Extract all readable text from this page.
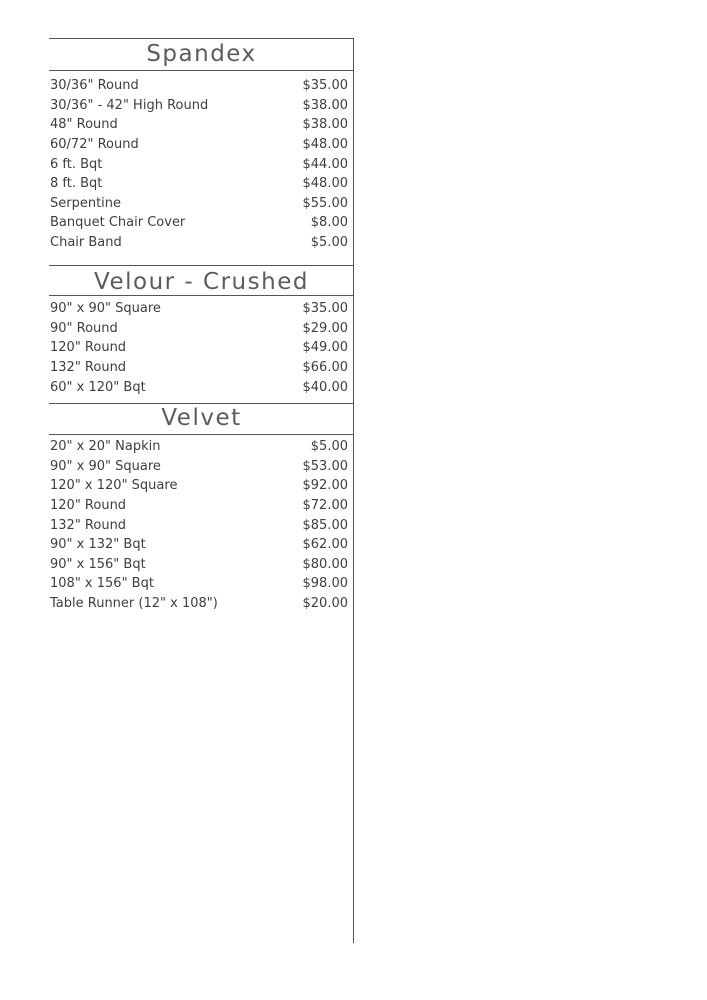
Spandex
30/36" Round	$35.00
30/36" - 42" High Round	$38.00
48" Round	$38.00
60/72" Round	$48.00
6 ft. Bqt	$44.00
8 ft. Bqt	$48.00
Serpentine	$55.00
Banquet Chair Cover	$8.00
Chair Band	$5.00
Velour - Crushed
90" x 90" Square	$35.00
90" Round	$29.00
120" Round	$49.00
132" Round	$66.00
60" x 120" Bqt	$40.00
Velvet
20" x 20" Napkin	$5.00
90" x 90" Square	$53.00
120" x 120" Square	$92.00
120" Round	$72.00
132" Round	$85.00
90" x 132" Bqt	$62.00
90" x 156" Bqt	$80.00
108" x 156" Bqt	$98.00
Table Runner (12" x 108")	$20.00
